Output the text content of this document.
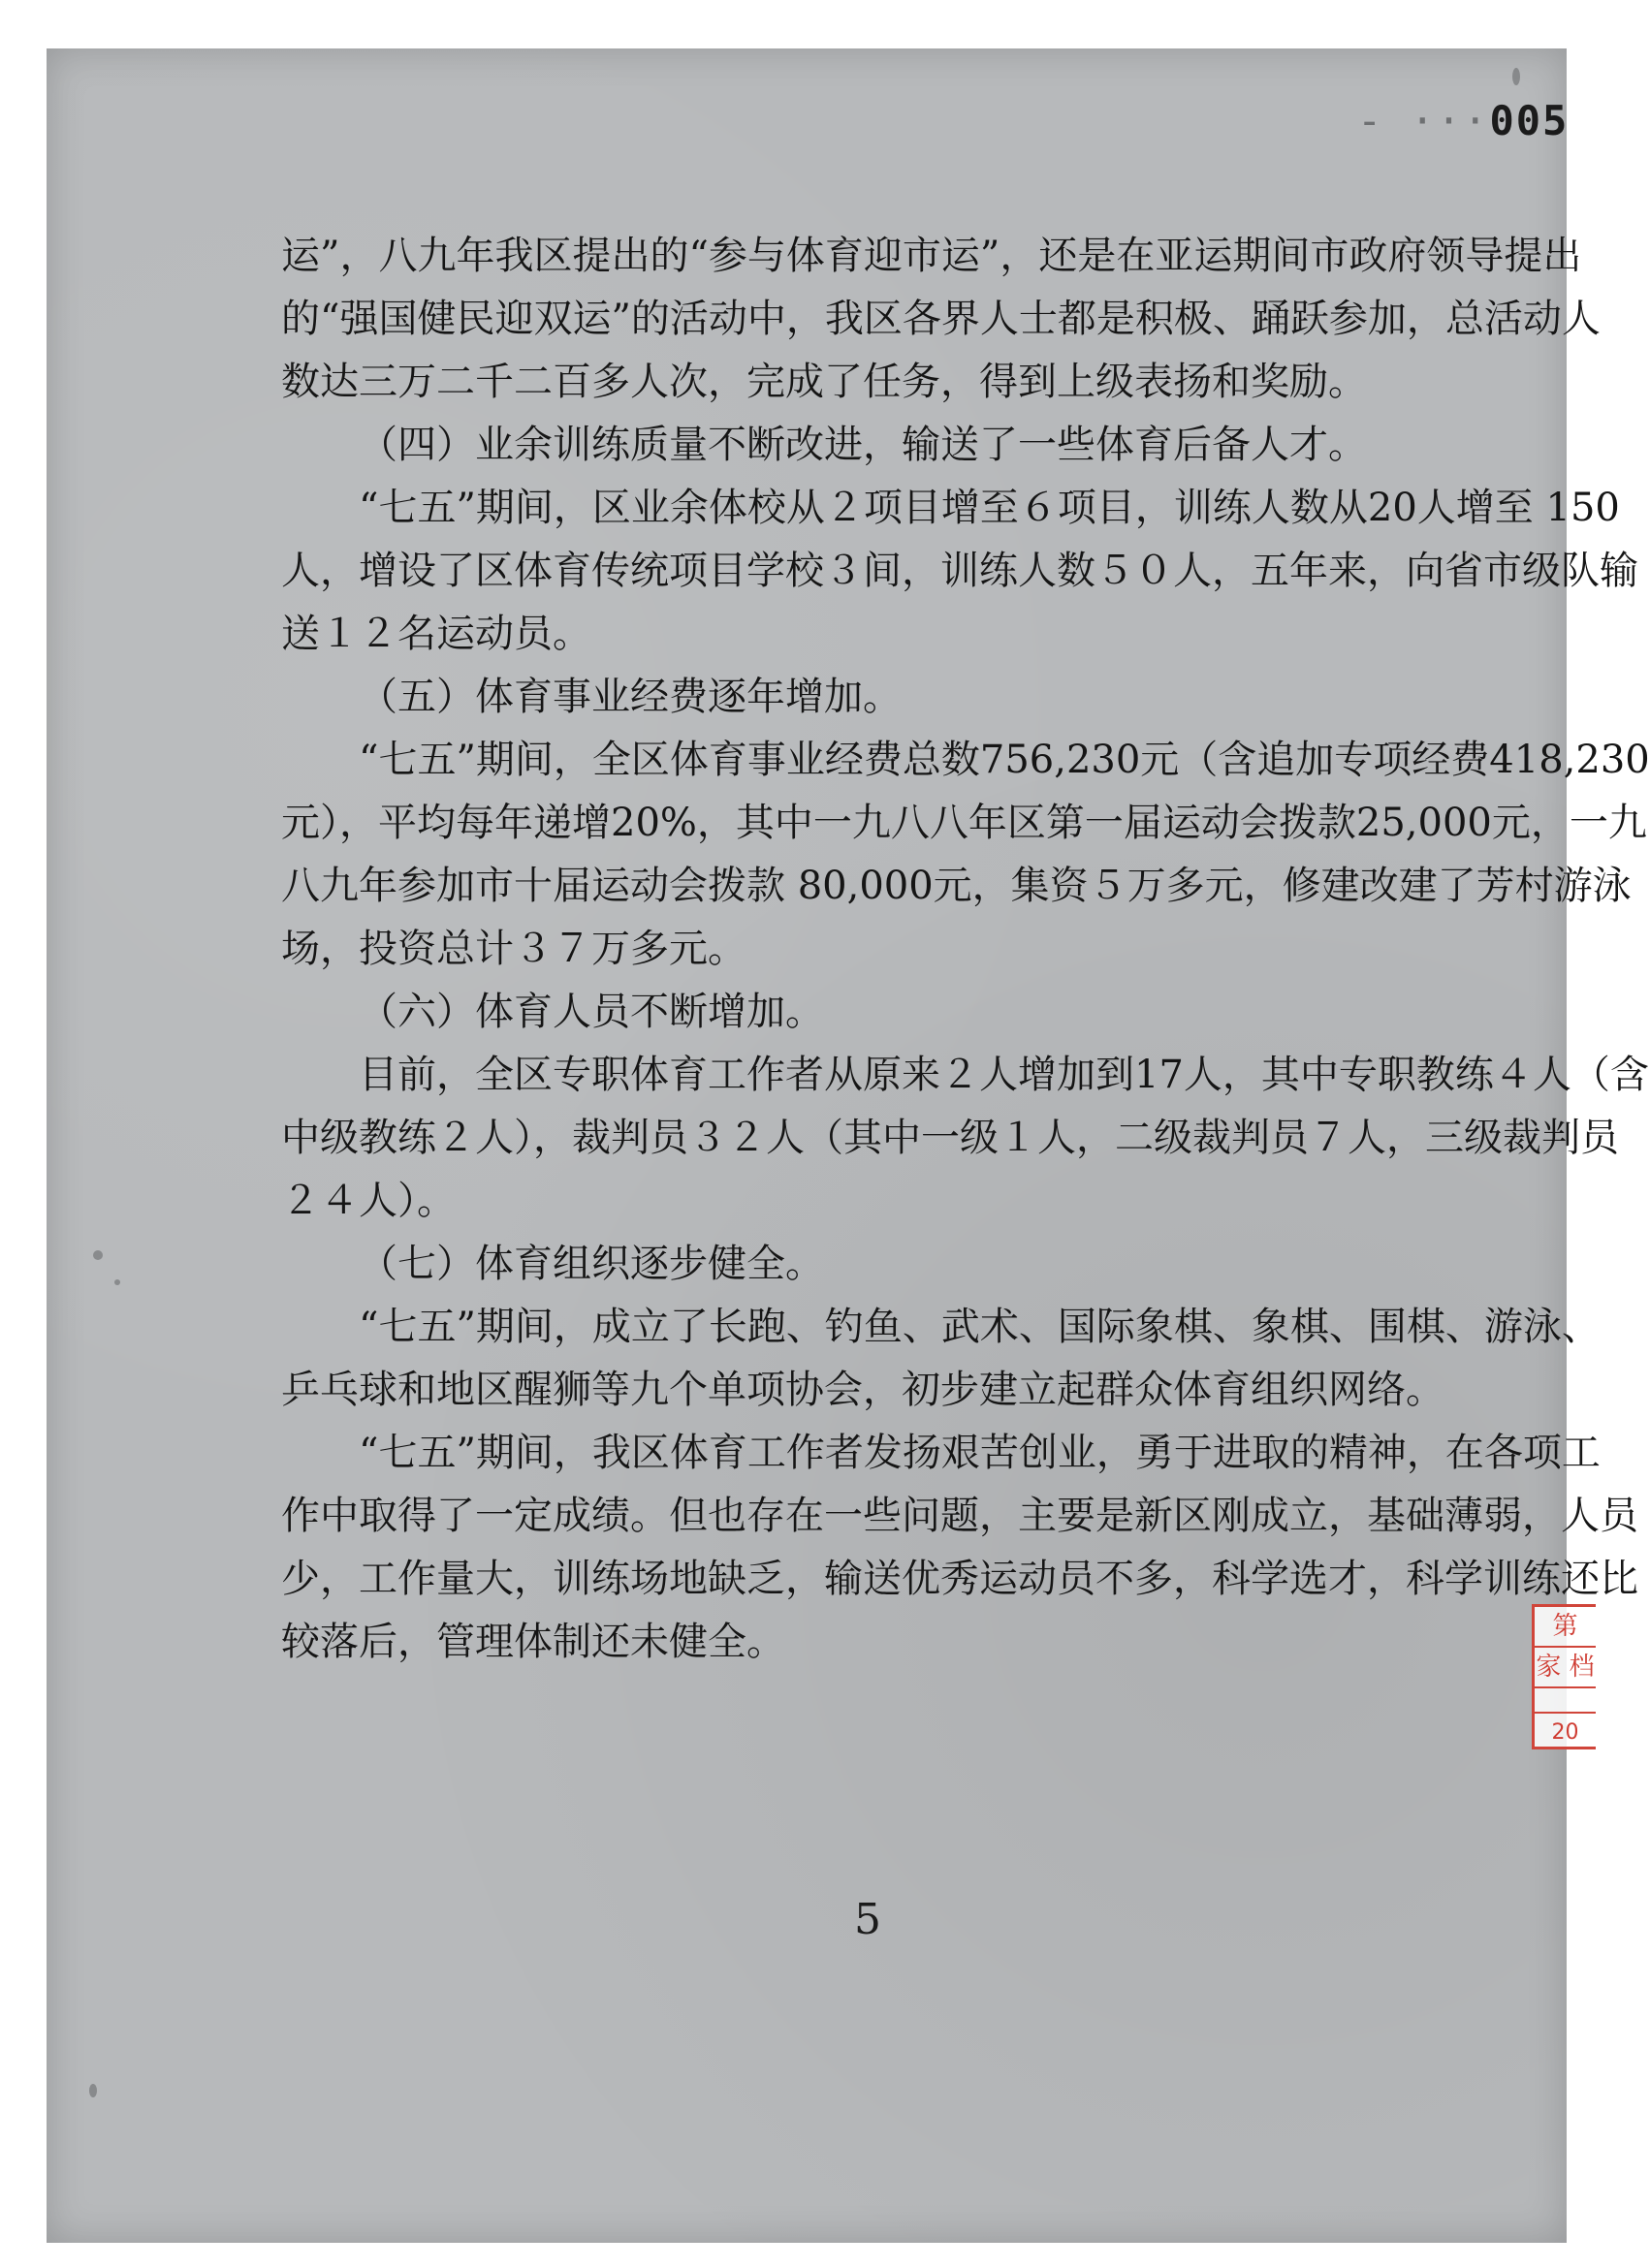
- ···005
运”，八九年我区提出的“参与体育迎市运”，还是在亚运期间市政府领导提出
的“强国健民迎双运”的活动中，我区各界人士都是积极、踊跃参加，总活动人
数达三万二千二百多人次，完成了任务，得到上级表扬和奖励。
（四）业余训练质量不断改进，输送了一些体育后备人才。
“七五”期间，区业余体校从２项目增至６项目，训练人数从20人增至 150
人，增设了区体育传统项目学校３间，训练人数５０人，五年来，向省市级队输
送１２名运动员。
（五）体育事业经费逐年增加。
“七五”期间，全区体育事业经费总数756,230元（含追加专项经费418,230
元），平均每年递增20%，其中一九八八年区第一届运动会拨款25,000元，一九
八九年参加市十届运动会拨款 80,000元，集资５万多元，修建改建了芳村游泳
场，投资总计３７万多元。
（六）体育人员不断增加。
目前，全区专职体育工作者从原来２人增加到17人，其中专职教练４人（含
中级教练２人），裁判员３２人（其中一级１人，二级裁判员７人，三级裁判员
２４人）。
（七）体育组织逐步健全。
“七五”期间，成立了长跑、钓鱼、武术、国际象棋、象棋、围棋、游泳、
乒乓球和地区醒狮等九个单项协会，初步建立起群众体育组织网络。
“七五”期间，我区体育工作者发扬艰苦创业，勇于进取的精神，在各项工
作中取得了一定成绩。但也存在一些问题，主要是新区刚成立，基础薄弱，人员
少，工作量大，训练场地缺乏，输送优秀运动员不多，科学选才，科学训练还比
较落后，管理体制还未健全。
5
第
家 档
20
